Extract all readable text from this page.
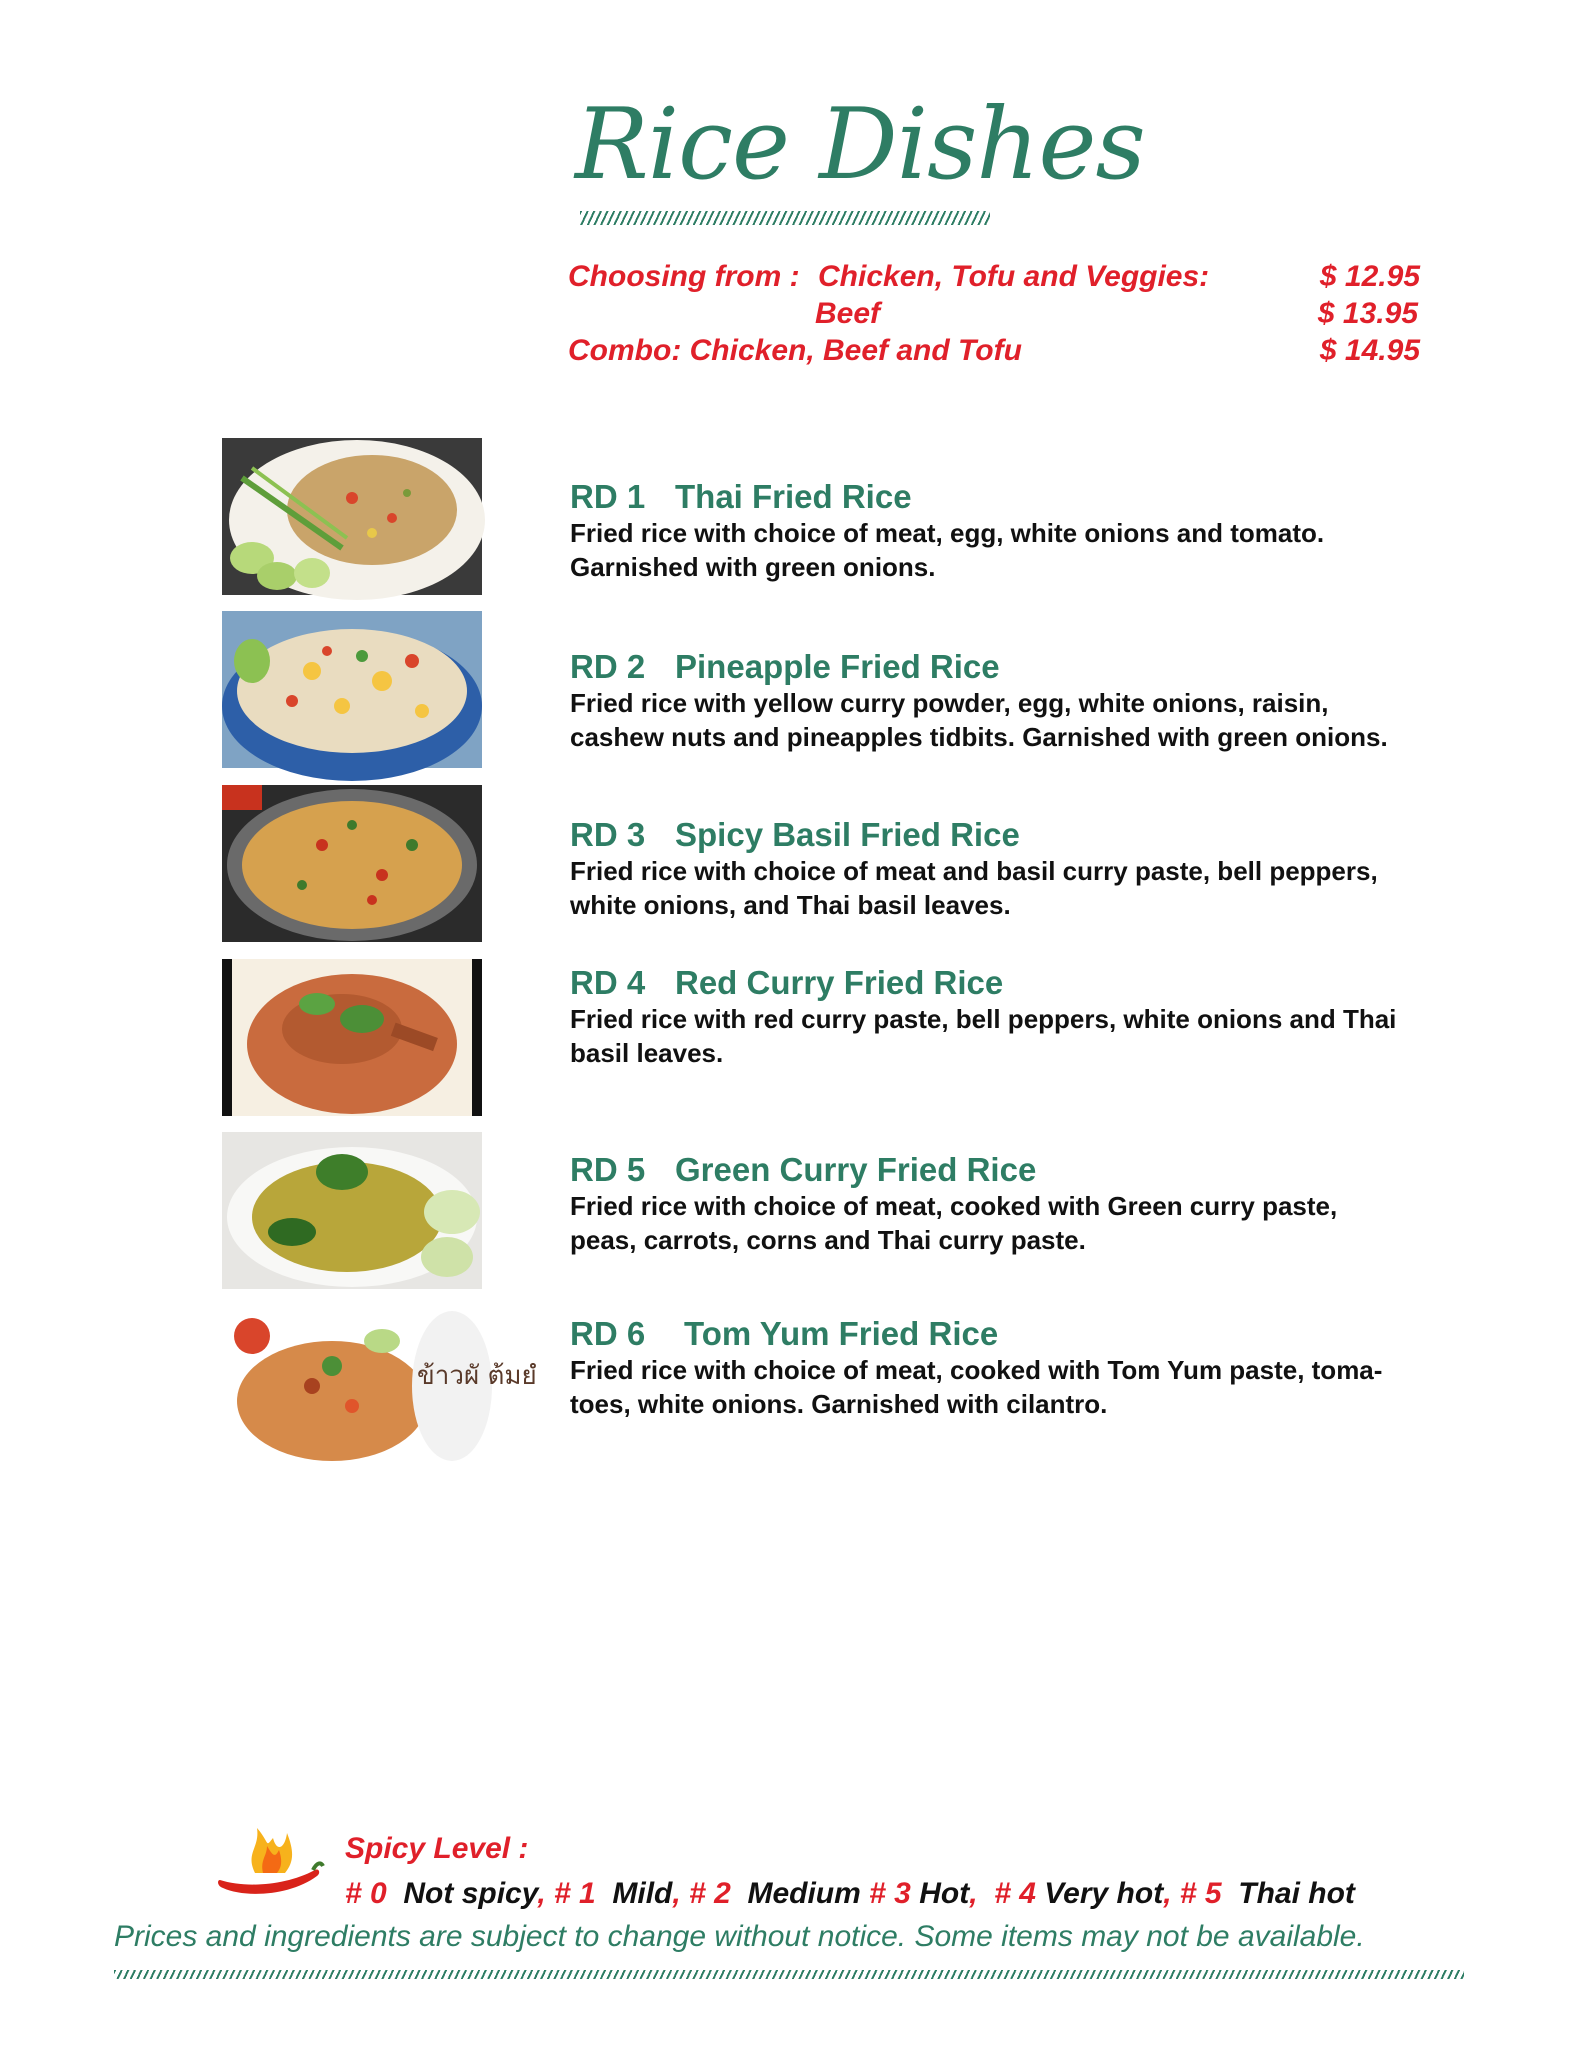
Rice Dishes
Choosing from : Chicken, Tofu and Veggies:	$ 12.95
Beef	$ 13.95
Combo: Chicken, Beef and Tofu	$ 14.95
ข้าวผั ต้มยํ
RD 1 Thai Fried Rice
Fried rice with choice of meat, egg, white onions and tomato.
Garnished with green onions.
RD 2 Pineapple Fried Rice
Fried rice with yellow curry powder, egg, white onions, raisin,
cashew nuts and pineapples tidbits. Garnished with green onions.
RD 3 Spicy Basil Fried Rice
Fried rice with choice of meat and basil curry paste, bell peppers,
white onions, and Thai basil leaves.
RD 4 Red Curry Fried Rice
Fried rice with red curry paste, bell peppers, white onions and Thai
basil leaves.
RD 5 Green Curry Fried Rice
Fried rice with choice of meat, cooked with Green curry paste,
peas, carrots, corns and Thai curry paste.
RD 6 Tom Yum Fried Rice
Fried rice with choice of meat, cooked with Tom Yum paste, toma-
toes, white onions. Garnished with cilantro.
Spicy Level :
# 0 Not spicy, # 1 Mild, # 2 Medium # 3 Hot, # 4 Very hot, # 5 Thai hot
Prices and ingredients are subject to change without notice. Some items may not be available.
